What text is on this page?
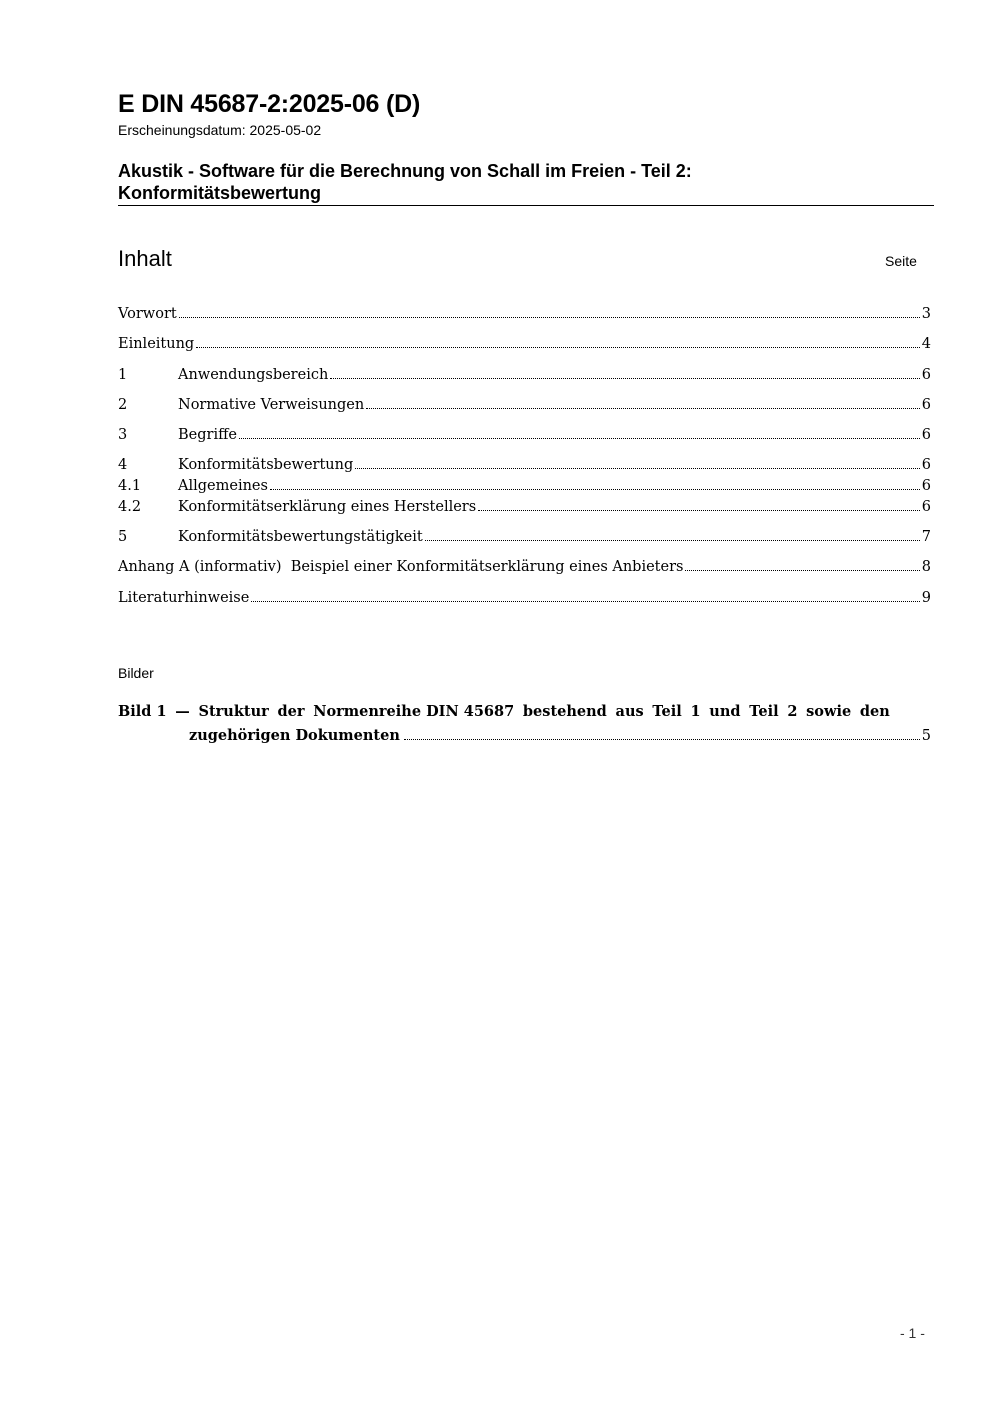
E DIN 45687-2:2025-06 (D)
Erscheinungsdatum: 2025-05-02
Akustik - Software für die Berechnung von Schall im Freien - Teil 2:
Konformitätsbewertung
Inhalt	Seite
Vorwort	3
Einleitung	4
1	Anwendungsbereich	6
2	Normative Verweisungen	6
3	Begriffe	6
4	Konformitätsbewertung	6
4.1	Allgemeines	6
4.2	Konformitätserklärung eines Herstellers	6
5	Konformitätsbewertungstätigkeit	7
Anhang A (informativ)  Beispiel einer Konformitätserklärung eines Anbieters	8
Literaturhinweise	9
Bilder
Bild 1 — Struktur der Normenreihe DIN 45687 bestehend aus Teil 1 und Teil 2 sowie den
zugehörigen Dokumenten	5
- 1 -
